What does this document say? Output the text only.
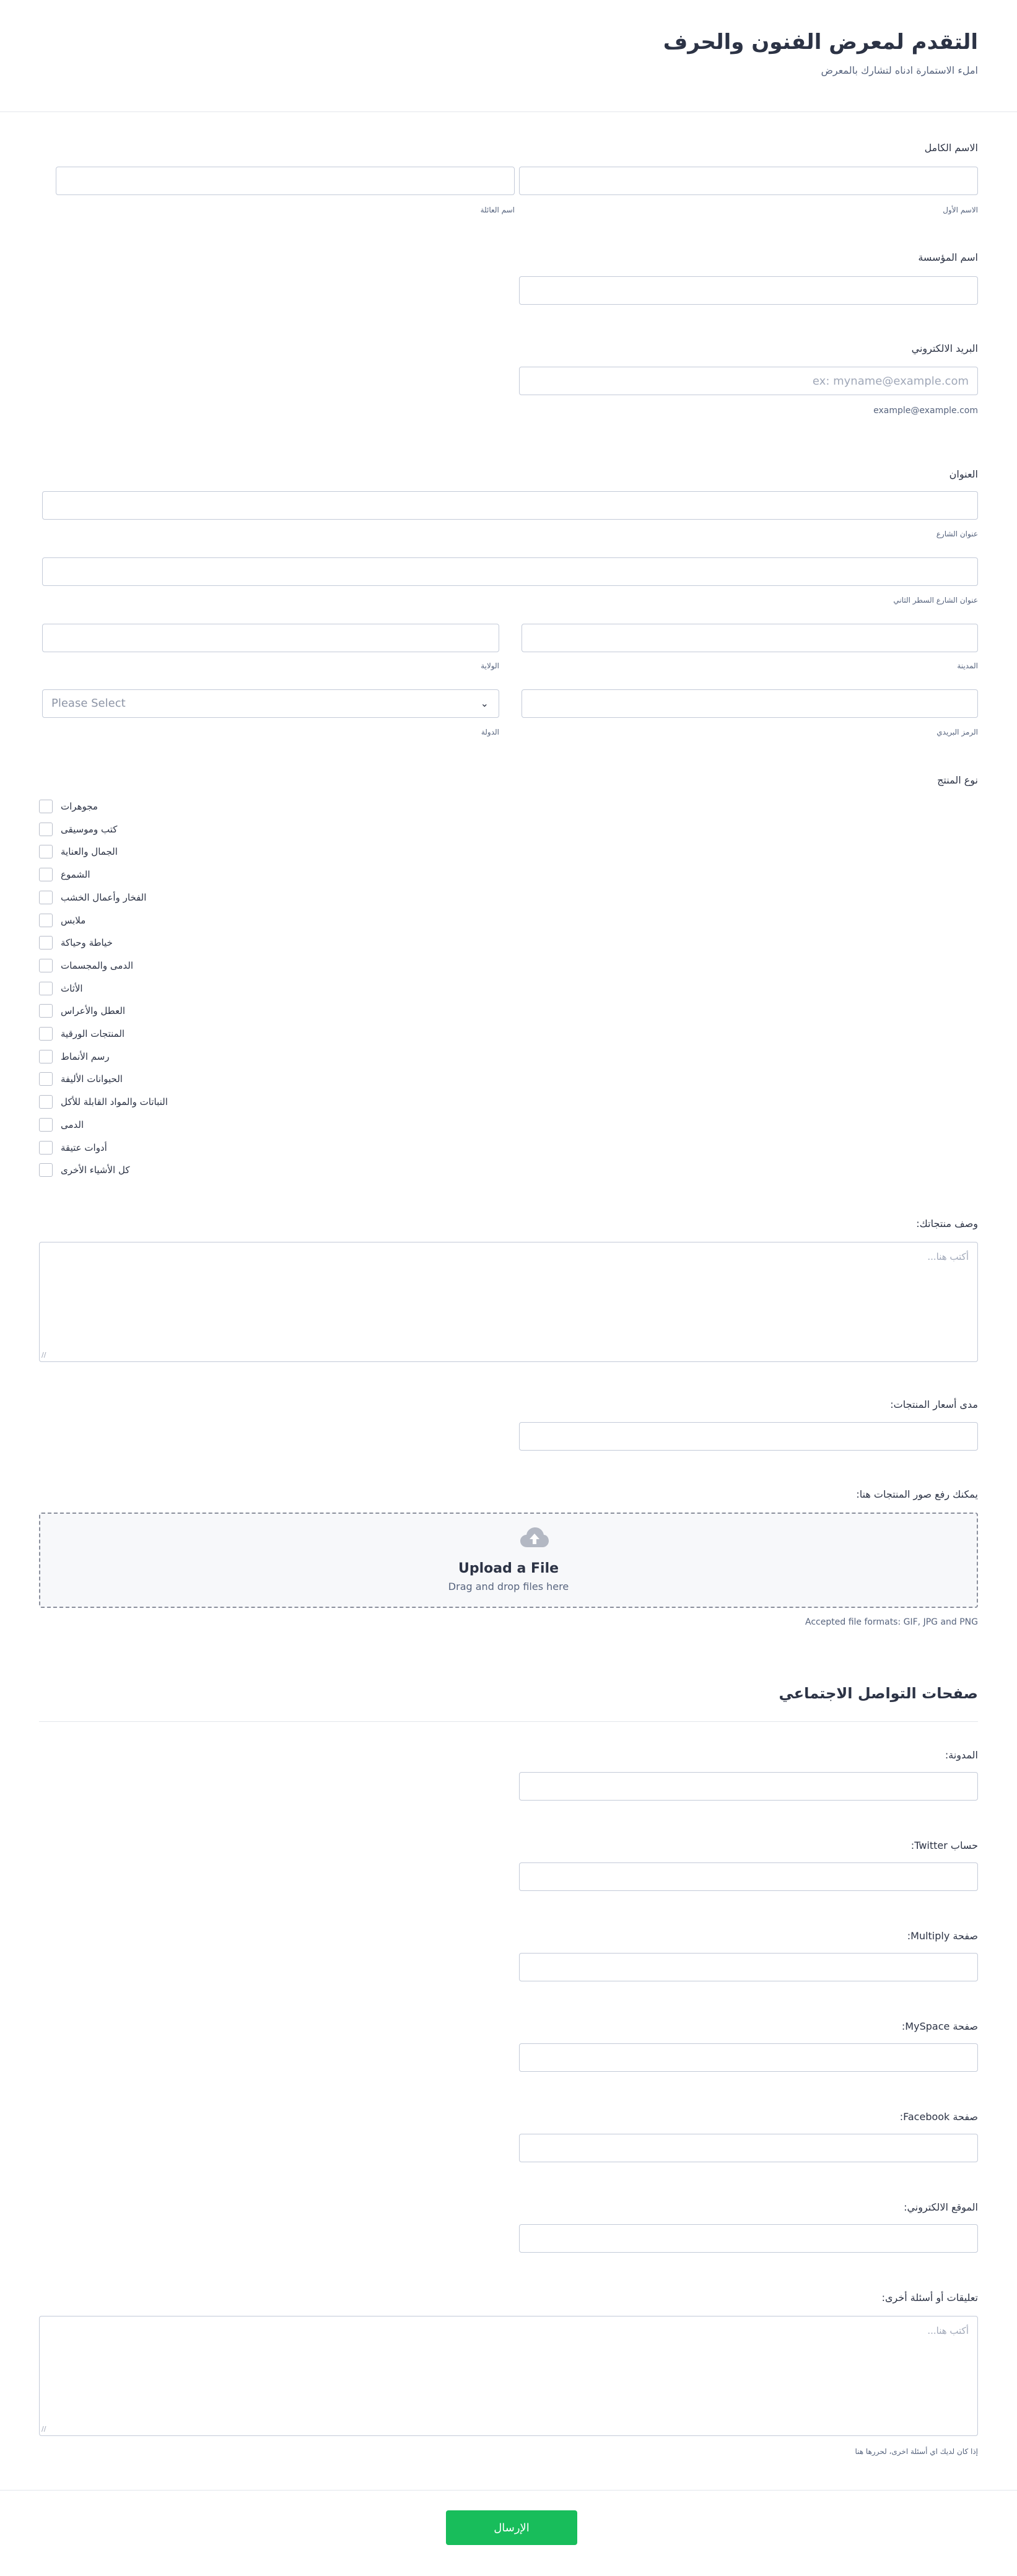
التقدم لمعرض الفنون والحرف
املء الاستمارة ادناه لتشارك بالمعرض
الاسم الكامل
الاسم الأول
اسم العائلة
اسم المؤسسة
البريد الالكتروني
ex: myname@example.com
example@example.com
العنوان
عنوان الشارع
عنوان الشارع السطر الثاني
المدينة
الولاية
Please Select	⌄
الرمز البريدي
الدولة
نوع المنتج
مجوهرات
كتب وموسيقى
الجمال والعناية
الشموع
الفخار وأعمال الخشب
ملابس
خياطة وحياكة
الدمى والمجسمات
الأثاث
العطل والأعراس
المنتجات الورقية
رسم الأنماط
الحيوانات الأليفة
النباتات والمواد القابلة للأكل
الدمى
أدوات عتيقة
كل الأشياء الأخرى
وصف منتجاتك:
أكتب هنا...
∕∕
مدى أسعار المنتجات:
يمكنك رفع صور المنتجات هنا:
Upload a File
Drag and drop files here
Accepted file formats: GIF, JPG and PNG
صفحات التواصل الاجتماعي
المدونة:
حساب Twitter:
صفحة Multiply:
صفحة MySpace:
صفحة Facebook:
الموقع الالكتروني:
تعليقات أو أسئلة أخرى:
أكتب هنا...
∕∕
إذا كان لديك اي أسئلة اخرى، لحررها هنا
الإرسال
